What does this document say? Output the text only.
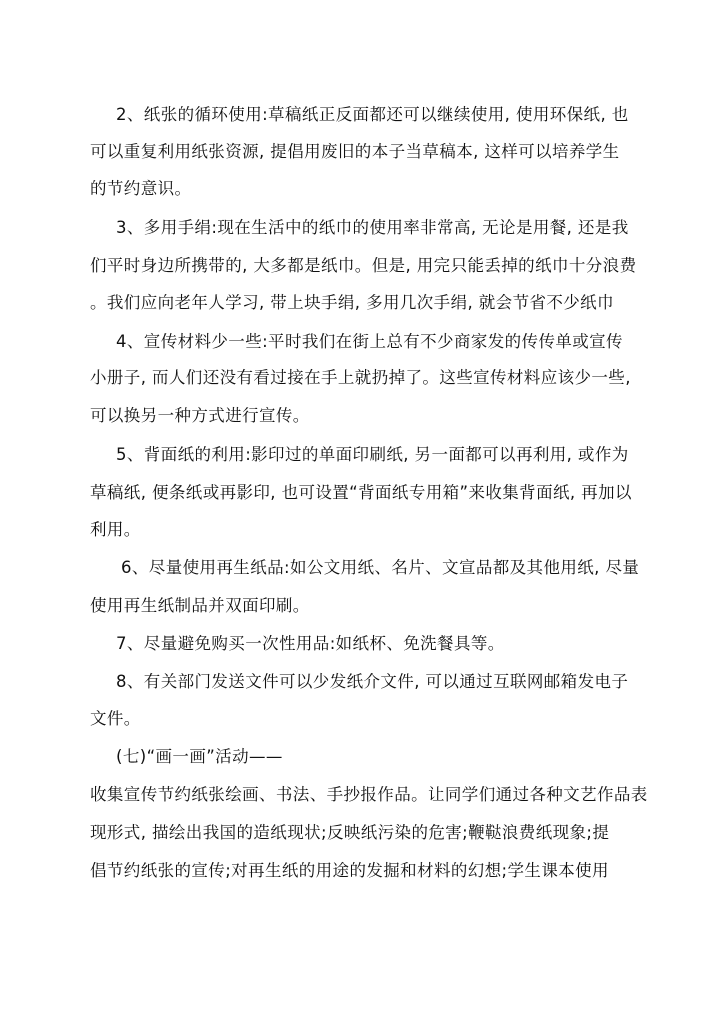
2、纸张的循环使用:草稿纸正反面都还可以继续使用, 使用环保纸, 也
可以重复利用纸张资源, 提倡用废旧的本子当草稿本, 这样可以培养学生
的节约意识。
3、多用手绢:现在生活中的纸巾的使用率非常高, 无论是用餐, 还是我
们平时身边所携带的, 大多都是纸巾。但是, 用完只能丢掉的纸巾十分浪费
。我们应向老年人学习, 带上块手绢, 多用几次手绢, 就会节省不少纸巾
4、宣传材料少一些:平时我们在街上总有不少商家发的传传单或宣传
小册子, 而人们还没有看过接在手上就扔掉了。这些宣传材料应该少一些,
可以换另一种方式进行宣传。
5、背面纸的利用:影印过的单面印刷纸, 另一面都可以再利用, 或作为
草稿纸, 便条纸或再影印, 也可设置“背面纸专用箱”来收集背面纸, 再加以
利用。
6、尽量使用再生纸品:如公文用纸、名片、文宣品都及其他用纸, 尽量
使用再生纸制品并双面印刷。
7、尽量避免购买一次性用品:如纸杯、免洗餐具等。
8、有关部门发送文件可以少发纸介文件, 可以通过互联网邮箱发电子
文件。
(七)“画一画”活动——
收集宣传节约纸张绘画、书法、手抄报作品。让同学们通过各种文艺作品表
现形式, 描绘出我国的造纸现状;反映纸污染的危害;鞭鞑浪费纸现象;提
倡节约纸张的宣传;对再生纸的用途的发掘和材料的幻想;学生课本使用
